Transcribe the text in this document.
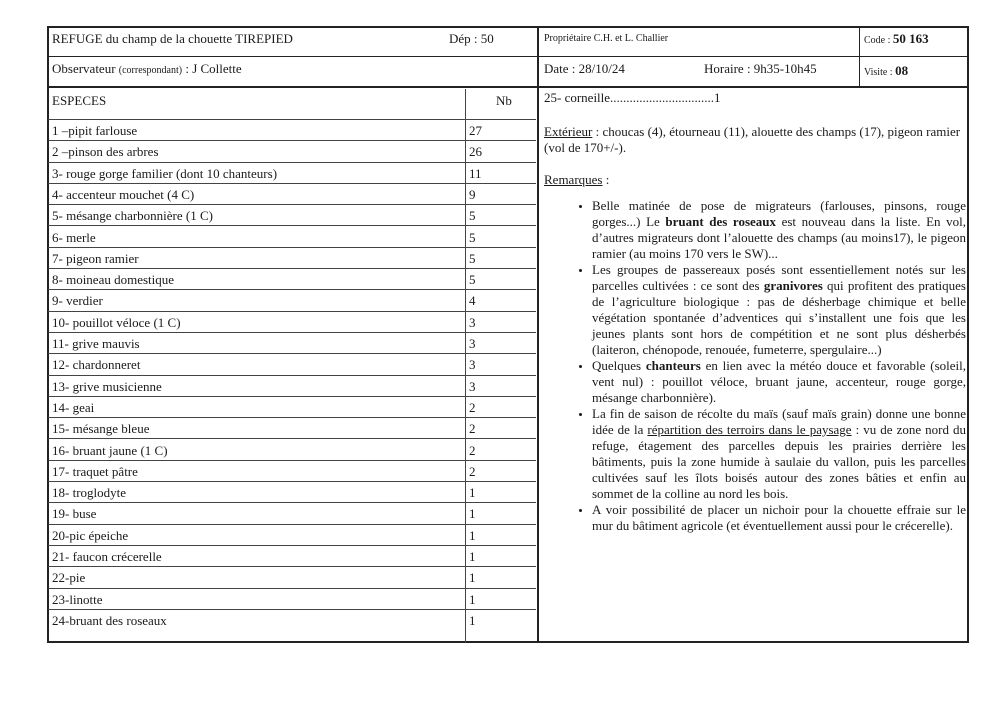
REFUGE du champ de la chouette TIREPIED	Dép : 50	Propriétaire C.H. et L. Challier	Code : 50 163
Observateur (correspondant) : J Collette	Date : 28/10/24	Horaire : 9h35-10h45	Visite : 08
ESPECES	Nb
1 –pipit farlouse	27
2 –pinson des arbres	26
3- rouge gorge familier (dont 10 chanteurs)	11
4- accenteur mouchet (4 C)	9
5- mésange charbonnière (1 C)	5
6- merle	5
7- pigeon ramier	5
8- moineau domestique	5
9- verdier	4
10- pouillot véloce (1 C)	3
11- grive mauvis	3
12- chardonneret	3
13- grive musicienne	3
14- geai	2
15- mésange bleue	2
16- bruant jaune (1 C)	2
17- traquet pâtre	2
18- troglodyte	1
19- buse	1
20-pic épeiche	1
21- faucon crécerelle	1
22-pie	1
23-linotte	1
24-bruant des roseaux	1

25- corneille................................1

Extérieur : choucas (4), étourneau (11), alouette des champs (17), pigeon ramier (vol de 170+/-).

Remarques :

• Belle matinée de pose de migrateurs (farlouses, pinsons, rouge gorges...) Le bruant des roseaux est nouveau dans la liste. En vol, d’autres migrateurs dont l’alouette des champs (au moins17), le pigeon ramier (au moins 170 vers le SW)...
• Les groupes de passereaux posés sont essentiellement notés sur les parcelles cultivées : ce sont des granivores qui profitent des pratiques de l’agriculture biologique : pas de désherbage chimique et belle végétation spontanée d’adventices qui s’installent une fois que les jeunes plants sont hors de compétition et ne sont plus désherbés (laiteron, chénopode, renouée, fumeterre, spergulaire...)
• Quelques chanteurs en lien avec la météo douce et favorable (soleil, vent nul) : pouillot véloce, bruant jaune, accenteur, rouge gorge, mésange charbonnière).
• La fin de saison de récolte du maïs (sauf maïs grain) donne une bonne idée de la répartition des terroirs dans le paysage : vu de zone nord du refuge, étagement des parcelles depuis les prairies derrière les bâtiments, puis la zone humide à saulaie du vallon, puis les parcelles cultivées sauf les îlots boisés autour des zones bâties et enfin au sommet de la colline au nord les bois.
• A voir possibilité de placer un nichoir pour la chouette effraie sur le mur du bâtiment agricole (et éventuellement aussi pour le crécerelle).
